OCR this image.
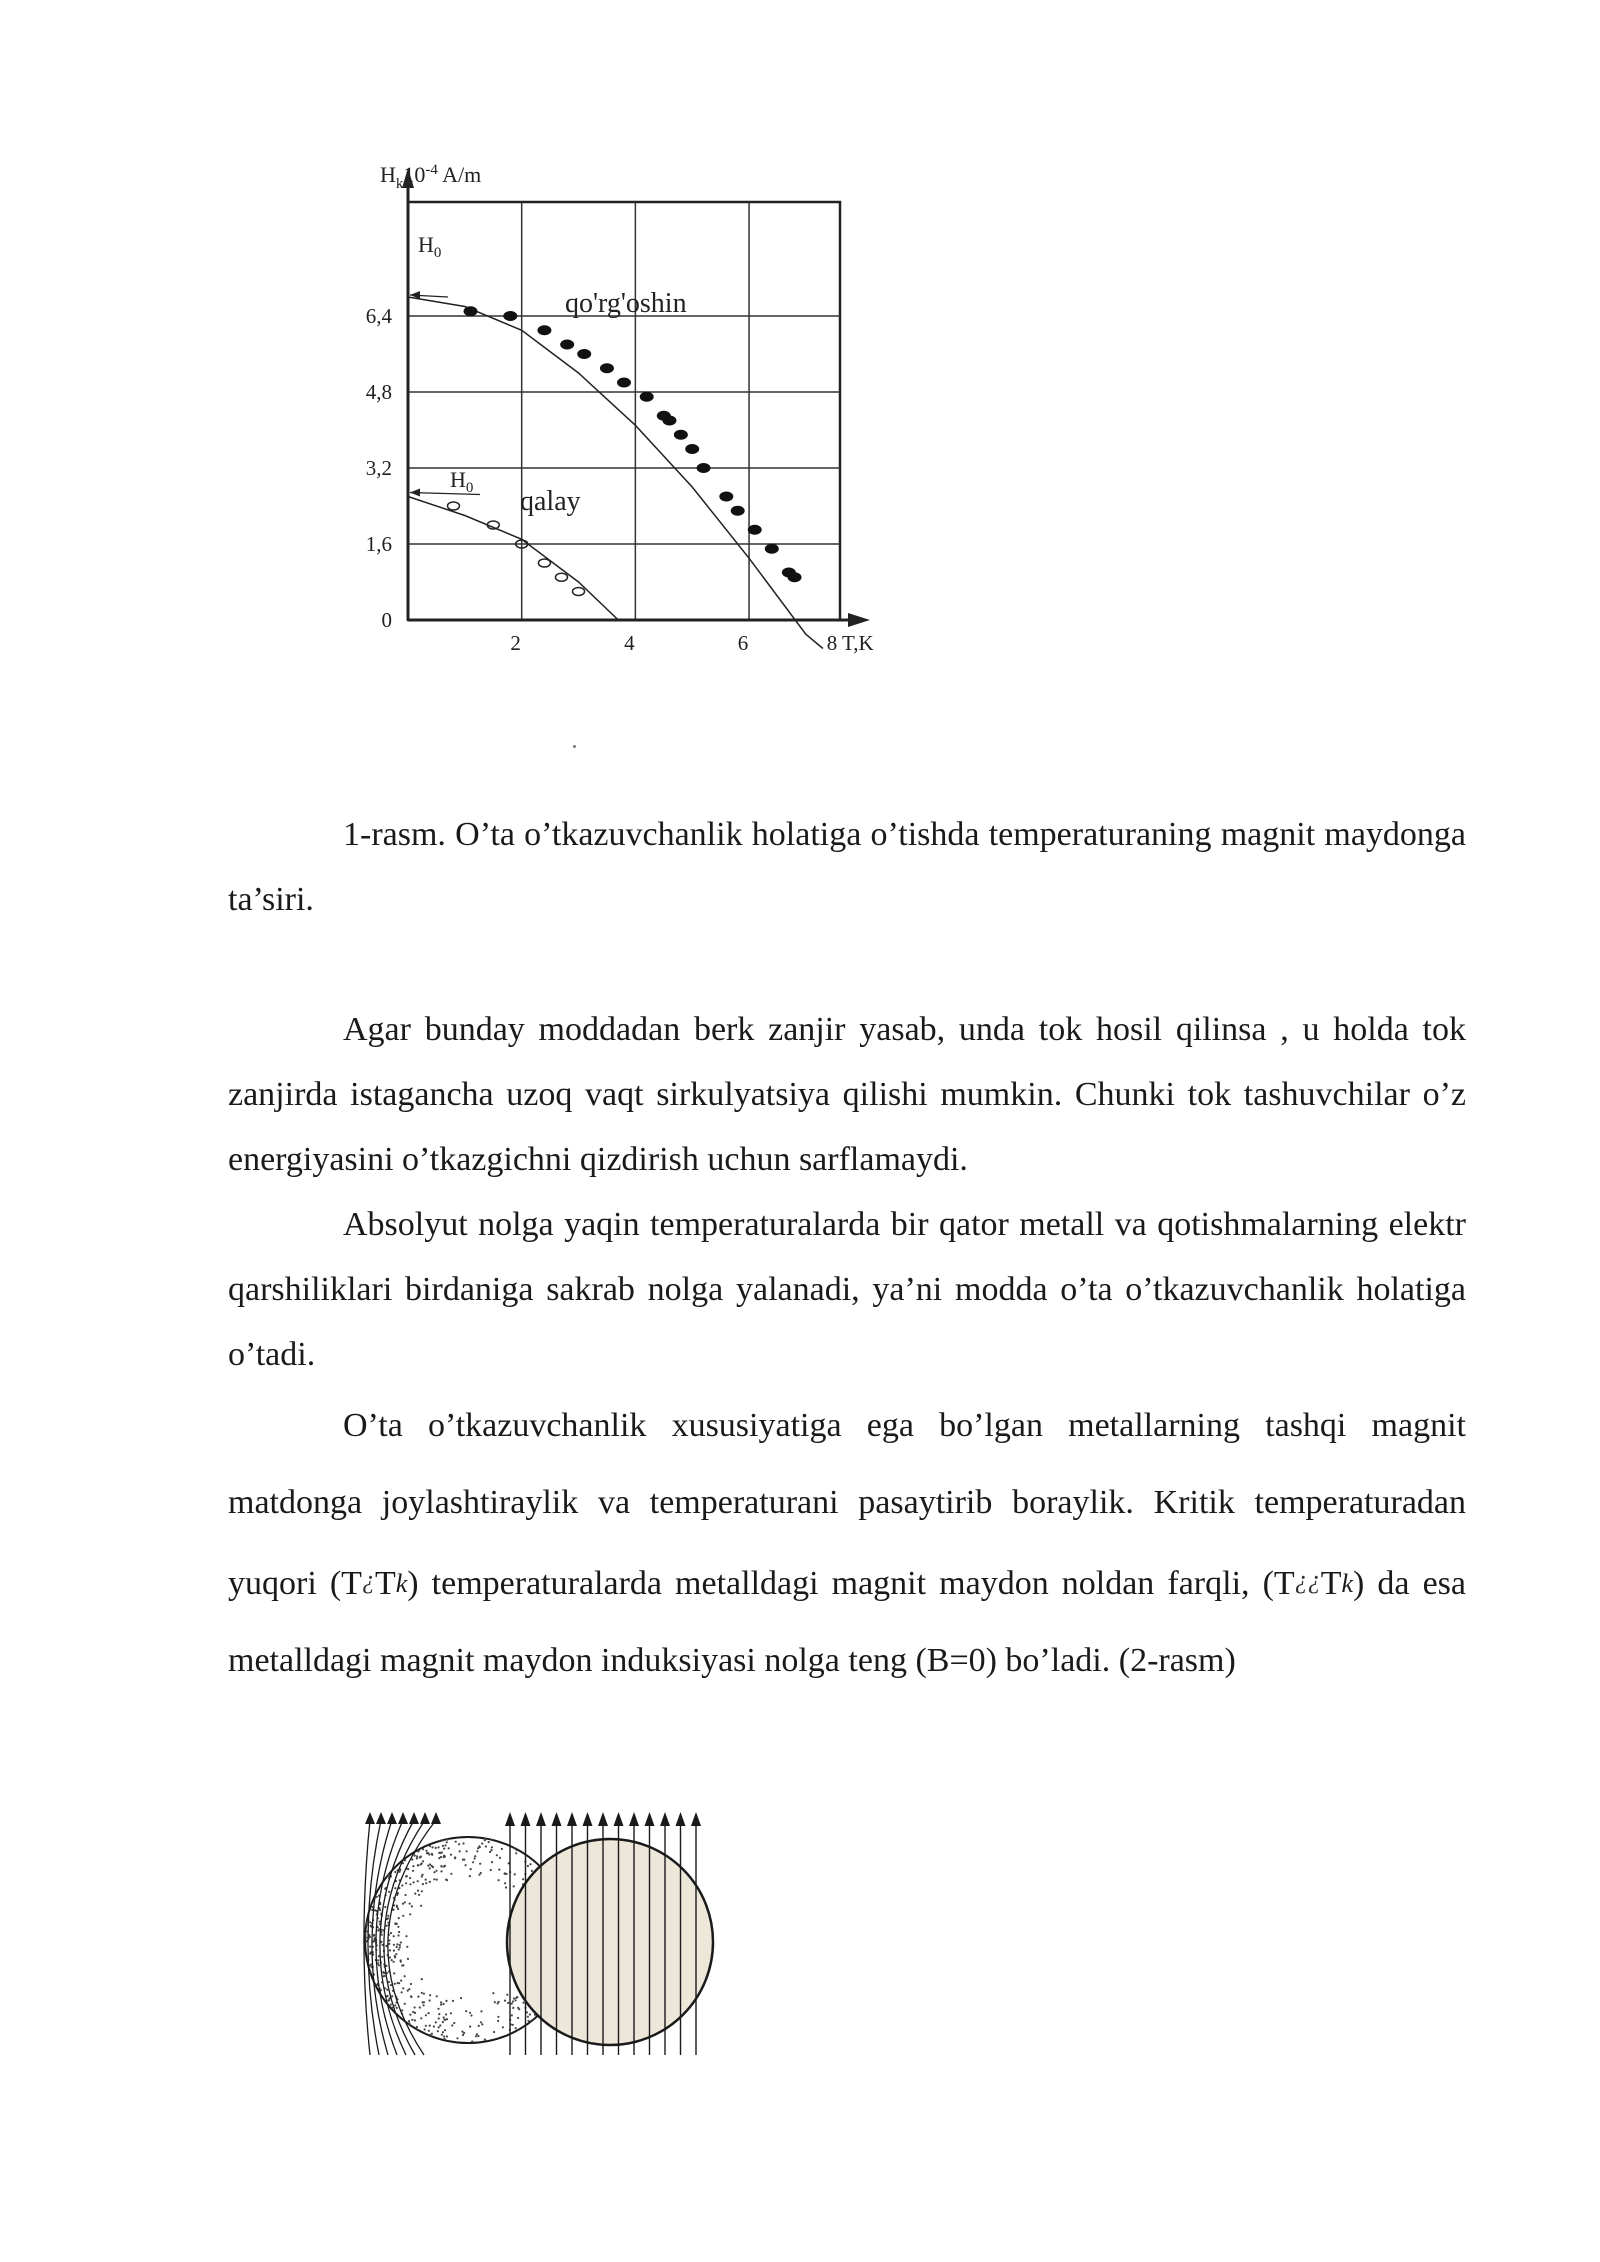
$H_k10^{-4}$ A/m
0
1,6
3,2
4,8
6,4
2	4	6	8 T,K
qo'rg'oshin
qalay
$H_0$
$H_0$
1-rasm. O’ta o’tkazuvchanlik holatiga o’tishda temperaturaning magnit maydonga ta’siri.

Agar bunday moddadan berk zanjir yasab, unda tok hosil qilinsa , u holda tok zanjirda istagancha uzoq vaqt sirkulyatsiya qilishi mumkin. Chunki tok tashuvchilar o’z energiyasini o’tkazgichni qizdirish uchun sarflamaydi.

Absolyut nolga yaqin temperaturalarda bir qator metall va qotishmalarning elektr qarshiliklari birdaniga sakrab nolga yalanadi, ya’ni modda o’ta o’tkazuvchanlik holatiga o’tadi.

O’ta o’tkazuvchanlik xususiyatiga ega bo’lgan metallarning tashqi magnit matdonga joylashtiraylik va temperaturani pasaytirib boraylik. Kritik temperaturadan yuqori (T¿Tk) temperaturalarda metalldagi magnit maydon noldan farqli, (T¿¿Tk) da esa metalldagi magnit maydon induksiyasi nolga teng (B=0) bo’ladi. (2-rasm)
